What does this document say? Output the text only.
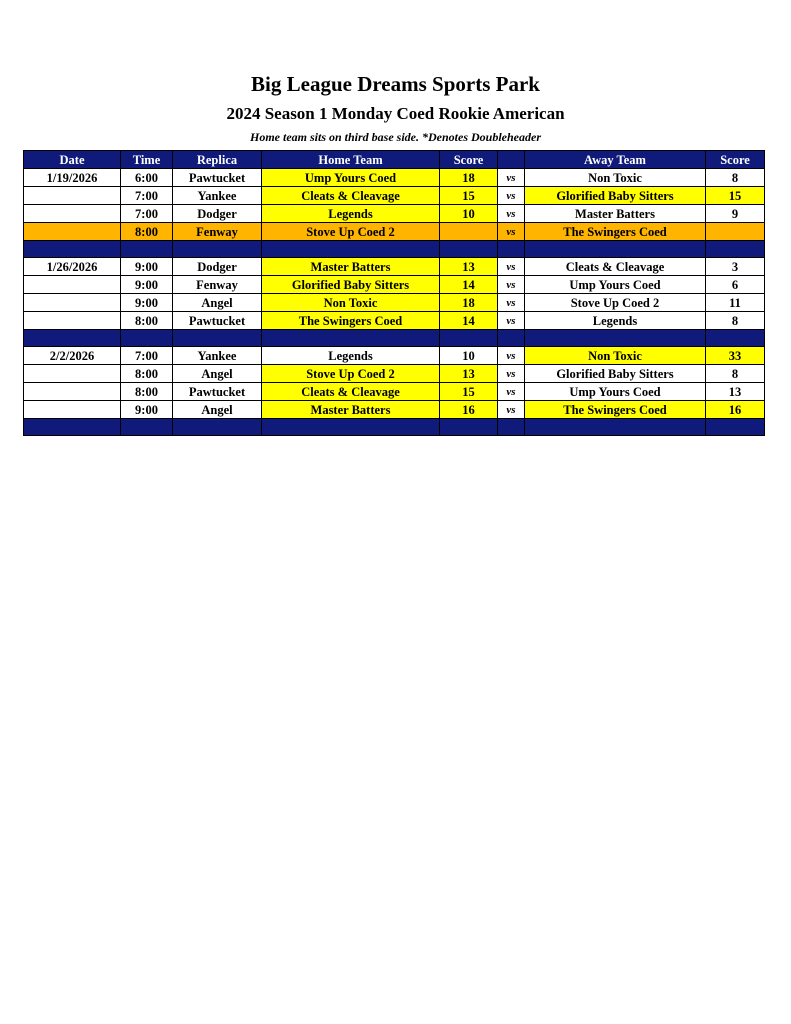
Big League Dreams Sports Park
2024 Season 1 Monday Coed Rookie American
Home team sits on third base side. *Denotes Doubleheader
Date	Time	Replica	Home Team	Score		Away Team	Score
1/19/2026	6:00	Pawtucket	Ump Yours Coed	18	vs	Non Toxic	8
	7:00	Yankee	Cleats & Cleavage	15	vs	Glorified Baby Sitters	15
	7:00	Dodger	Legends	10	vs	Master Batters	9
	8:00	Fenway	Stove Up Coed 2		vs	The Swingers Coed	

1/26/2026	9:00	Dodger	Master Batters	13	vs	Cleats & Cleavage	3
	9:00	Fenway	Glorified Baby Sitters	14	vs	Ump Yours Coed	6
	9:00	Angel	Non Toxic	18	vs	Stove Up Coed 2	11
	8:00	Pawtucket	The Swingers Coed	14	vs	Legends	8

2/2/2026	7:00	Yankee	Legends	10	vs	Non Toxic	33
	8:00	Angel	Stove Up Coed 2	13	vs	Glorified Baby Sitters	8
	8:00	Pawtucket	Cleats & Cleavage	15	vs	Ump Yours Coed	13
	9:00	Angel	Master Batters	16	vs	The Swingers Coed	16
